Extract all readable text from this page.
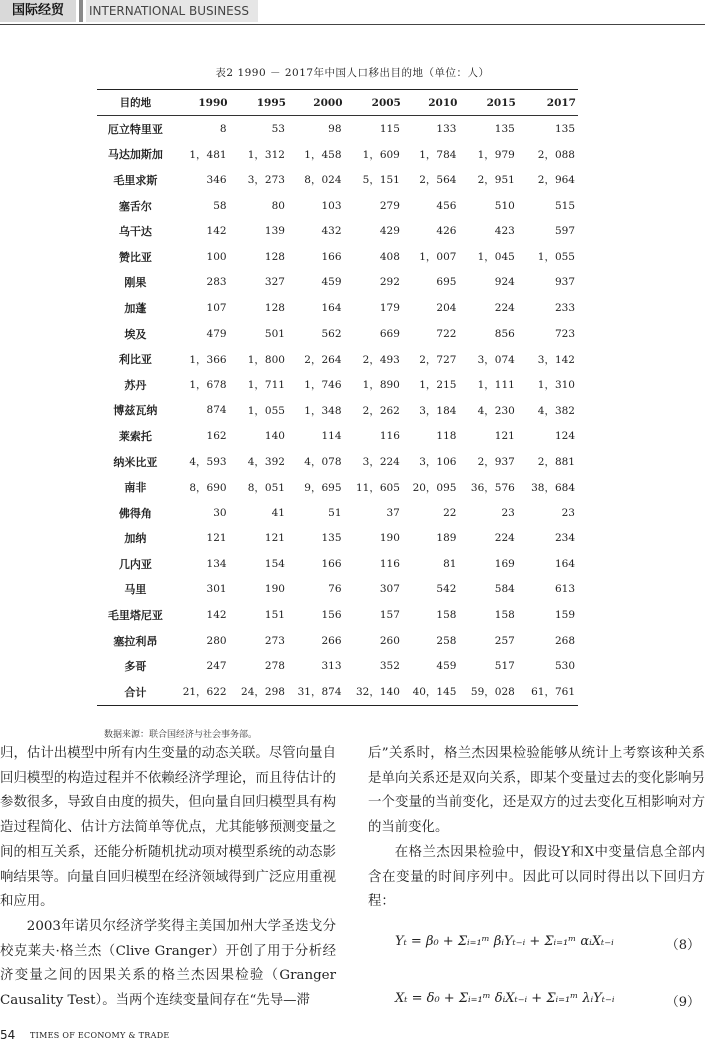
国际经贸	INTERNATIONAL BUSINESS
表2 1990 － 2017年中国人口移出目的地（单位：人）
目的地	1990	1995	2000	2005	2010	2015	2017
厄立特里亚	8	53	98	115	133	135	135
马达加斯加	1，481	1，312	1，458	1，609	1，784	1，979	2，088
毛里求斯	346	3，273	8，024	5，151	2，564	2，951	2，964
塞舌尔	58	80	103	279	456	510	515
乌干达	142	139	432	429	426	423	597
赞比亚	100	128	166	408	1，007	1，045	1，055
刚果	283	327	459	292	695	924	937
加蓬	107	128	164	179	204	224	233
埃及	479	501	562	669	722	856	723
利比亚	1，366	1，800	2，264	2，493	2，727	3，074	3，142
苏丹	1，678	1，711	1，746	1，890	1，215	1，111	1，310
博兹瓦纳	874	1，055	1，348	2，262	3，184	4，230	4，382
莱索托	162	140	114	116	118	121	124
纳米比亚	4，593	4，392	4，078	3，224	3，106	2，937	2，881
南非	8，690	8，051	9，695	11，605	20，095	36，576	38，684
佛得角	30	41	51	37	22	23	23
加纳	121	121	135	190	189	224	234
几内亚	134	154	166	116	81	169	164
马里	301	190	76	307	542	584	613
毛里塔尼亚	142	151	156	157	158	158	159
塞拉利昂	280	273	266	260	258	257	268
多哥	247	278	313	352	459	517	530
合计	21，622	24，298	31，874	32，140	40，145	59，028	61，761
数据来源：联合国经济与社会事务部。

归，估计出模型中所有内生变量的动态关联。尽管向量自回归模型的构造过程并不依赖经济学理论，而且待估计的参数很多，导致自由度的损失，但向量自回归模型具有构造过程简化、估计方法简单等优点，尤其能够预测变量之间的相互关系，还能分析随机扰动项对模型系统的动态影响结果等。向量自回归模型在经济领域得到广泛应用重视和应用。

2003年诺贝尔经济学奖得主美国加州大学圣迭戈分校克莱夫·格兰杰（Clive Granger）开创了用于分析经济变量之间的因果关系的格兰杰因果检验（Granger Causality Test）。当两个连续变量间存在“先导—滞

后”关系时，格兰杰因果检验能够从统计上考察该种关系是单向关系还是双向关系，即某个变量过去的变化影响另一个变量的当前变化，还是双方的过去变化互相影响对方的当前变化。

在格兰杰因果检验中，假设Y和X中变量信息全部内含在变量的时间序列中。因此可以同时得出以下回归方程：

Yₜ = β₀ + Σᵢ₌₁ᵐ βᵢYₜ₋ᵢ + Σᵢ₌₁ᵐ αᵢXₜ₋ᵢ	（8）
Xₜ = δ₀ + Σᵢ₌₁ᵐ δᵢXₜ₋ᵢ + Σᵢ₌₁ᵐ λᵢYₜ₋ᵢ	（9）
54 TIMES OF ECONOMY & TRADE
